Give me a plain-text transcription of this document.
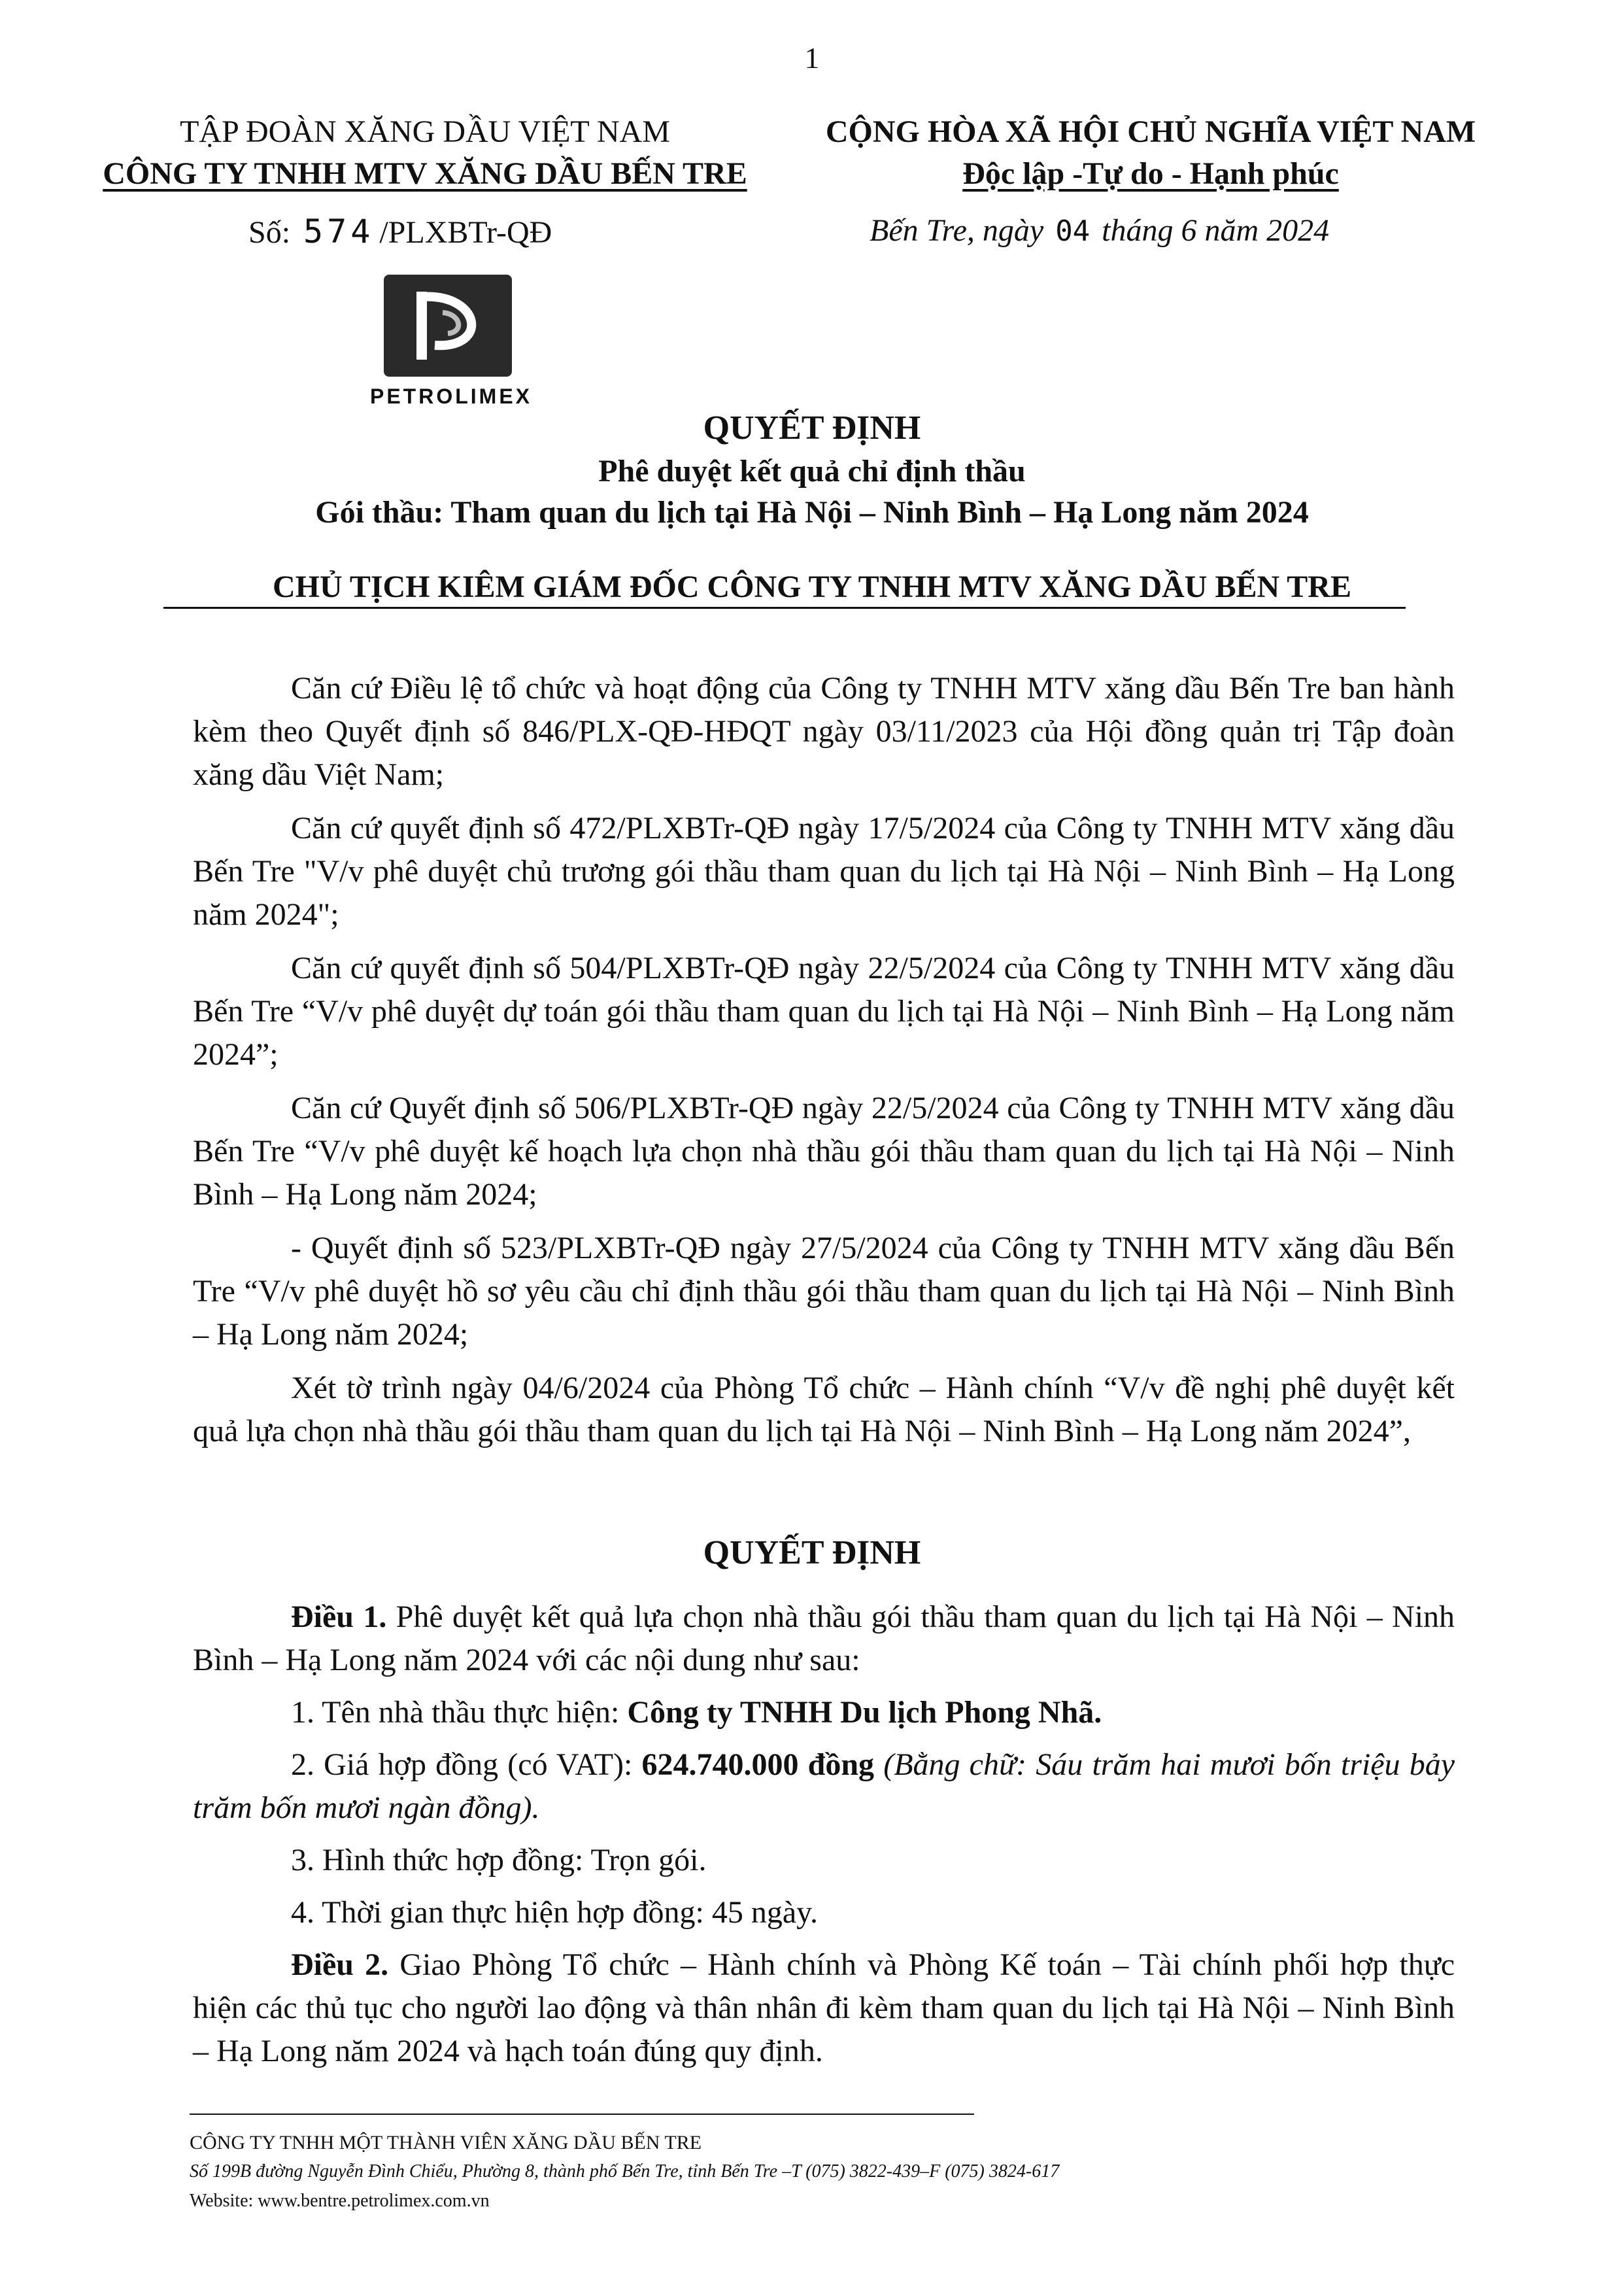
1
TẬP ĐOÀN XĂNG DẦU VIỆT NAM
CÔNG TY TNHH MTV XĂNG DẦU BẾN TRE
CỘNG HÒA XÃ HỘI CHỦ NGHĨA VIỆT NAM
Độc lập -Tự do - Hạnh phúc
Số: 574 /PLXBTr-QĐ	Bến Tre, ngày 04 tháng 6 năm 2024
PETROLIMEX
QUYẾT ĐỊNH
Phê duyệt kết quả chỉ định thầu
Gói thầu: Tham quan du lịch tại Hà Nội – Ninh Bình – Hạ Long năm 2024
CHỦ TỊCH KIÊM GIÁM ĐỐC CÔNG TY TNHH MTV XĂNG DẦU BẾN TRE

Căn cứ Điều lệ tổ chức và hoạt động của Công ty TNHH MTV xăng dầu Bến Tre ban hành kèm theo Quyết định số 846/PLX-QĐ-HĐQT ngày 03/11/2023 của Hội đồng quản trị Tập đoàn xăng dầu Việt Nam;

Căn cứ quyết định số 472/PLXBTr-QĐ ngày 17/5/2024 của Công ty TNHH MTV xăng dầu Bến Tre "V/v phê duyệt chủ trương gói thầu tham quan du lịch tại Hà Nội – Ninh Bình – Hạ Long năm 2024";

Căn cứ quyết định số 504/PLXBTr-QĐ ngày 22/5/2024 của Công ty TNHH MTV xăng dầu Bến Tre “V/v phê duyệt dự toán gói thầu tham quan du lịch tại Hà Nội – Ninh Bình – Hạ Long năm 2024”;

Căn cứ Quyết định số 506/PLXBTr-QĐ ngày 22/5/2024 của Công ty TNHH MTV xăng dầu Bến Tre “V/v phê duyệt kế hoạch lựa chọn nhà thầu gói thầu tham quan du lịch tại Hà Nội – Ninh Bình – Hạ Long năm 2024;

- Quyết định số 523/PLXBTr-QĐ ngày 27/5/2024 của Công ty TNHH MTV xăng dầu Bến Tre “V/v phê duyệt hồ sơ yêu cầu chỉ định thầu gói thầu tham quan du lịch tại Hà Nội – Ninh Bình – Hạ Long năm 2024;

Xét tờ trình ngày 04/6/2024 của Phòng Tổ chức – Hành chính “V/v đề nghị phê duyệt kết quả lựa chọn nhà thầu gói thầu tham quan du lịch tại Hà Nội – Ninh Bình – Hạ Long năm 2024”,

QUYẾT ĐỊNH

Điều 1. Phê duyệt kết quả lựa chọn nhà thầu gói thầu tham quan du lịch tại Hà Nội – Ninh Bình – Hạ Long năm 2024 với các nội dung như sau:

1. Tên nhà thầu thực hiện: Công ty TNHH Du lịch Phong Nhã.

2. Giá hợp đồng (có VAT): 624.740.000 đồng (Bằng chữ: Sáu trăm hai mươi bốn triệu bảy trăm bốn mươi ngàn đồng).

3. Hình thức hợp đồng: Trọn gói.

4. Thời gian thực hiện hợp đồng: 45 ngày.

Điều 2. Giao Phòng Tổ chức – Hành chính và Phòng Kế toán – Tài chính phối hợp thực hiện các thủ tục cho người lao động và thân nhân đi kèm tham quan du lịch tại Hà Nội – Ninh Bình – Hạ Long năm 2024 và hạch toán đúng quy định.

CÔNG TY TNHH MỘT THÀNH VIÊN XĂNG DẦU BẾN TRE
Số 199B đường Nguyễn Đình Chiểu, Phường 8, thành phố Bến Tre, tỉnh Bến Tre –T (075) 3822-439–F (075) 3824-617
Website: www.bentre.petrolimex.com.vn
